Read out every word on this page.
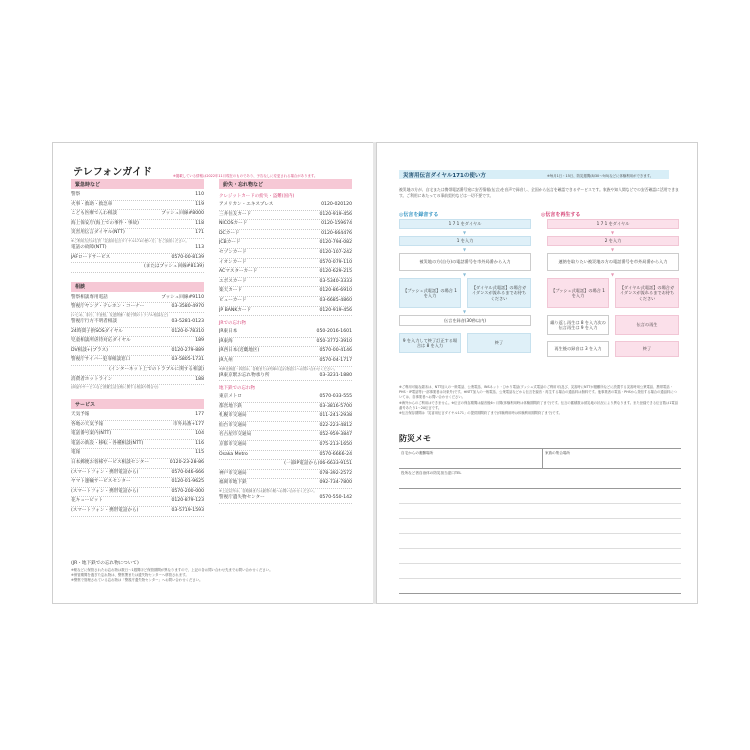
テレフォンガイド	※掲載している情報は2022年11月現在のものであり、予告なしに変更される場合があります。
緊急時など
警察	110
火事・救助・救急車	119
こども医療でんわ相談	プッシュ回線#8000
海上保安庁(海上での事件・事故)	118
災害用伝言ダイヤル(NTT)	171
※ご利用方法は右頁「災害用伝言ダイヤル171の使い方」をご参照ください。
電話の故障(NTT)	113
JAFロードサービス	0570-00-8139
(またはプッシュ回線#8139)
相談
警察相談専用電話	プッシュ回線#9110
警視庁ヤング・テレホン・コーナー	03-3580-4970
(いじめ、非行、不登校、友達関係・親子間のトラブル相談など)
警視庁行方不明者相談	03-5281-0123
24時間子供SOSダイヤル	0120-0-78310
児童相談所虐待対応ダイヤル	189
DV相談+(プラス)	0120-279-889
警視庁サイバー犯罪相談窓口	03-5805-1731
(インターネット上でのトラブルに関する相談)
消費者ホットライン	188
(商品やサービスなど消費生活全般に関する相談や問合せ)
サービス
天気予報	177
各地の天気予報	市外局番+177
電話番号案内(NTT)	104
電話の新設・移転・各種相談(NTT)	116
電報	115
日本郵便お客様サービス相談センター	0120-23-28-86
(スマートフォン・携帯電話から)	0570-046-666
ヤマト運輸サービスセンター	0120-01-9625
(スマートフォン・携帯電話から)	0570-200-000
花キューピット	0120-879-123
(スマートフォン・携帯電話から)	03-5719-1593
紛失・忘れ物など
クレジットカードの紛失・盗難(国内)
アメリカン・エキスプレス	0120-020120
三井住友カード	0120-919-456
NICOSカード	0120-159674
DCカード	0120-664476
JCBカード	0120-794-082
セゾンカード	0120-107-242
イオンカード	0570-079-110
ACマスターカード	0120-629-215
エポスカード	03-5340-3333
楽天カード	0120-86-6910
ビューカード	03-6685-4860
JP BANKカード	0120-919-456
JRでの忘れ物
JR東日本	050-2016-1601
JR東海	050-3772-3910
JR西日本(近畿地区)	0570-00-4146
JR九州	0570-04-1717
※JR北海道・四国は、各駅または列車の忘れ物窓口へお問い合わせください。
JR東京駅お忘れ物承り所	03-3231-1880
地下鉄での忘れ物
東京メトロ	0570-033-555
都営地下鉄	03-3816-5700
札幌市交通局	011-241-2938
仙台市交通局	022-223-4812
名古屋市交通局	052-959-3847
京都市交通局	075-213-1650
Osaka Metro	0570-6666-24
(一部IP電話から)06-6633-9151
神戸市交通局	078-392-2572
福岡市地下鉄	092-734-7800
※上記以外は、各路線または最寄の駅へお問い合わせください。
警視庁遺失物センター	0570-550-142
(JR・地下鉄での忘れ物について)
※駅などに保管されたお忘れ物は数日～1週間ほど保管期間が異なりますので、上記の各お問い合わせ先までお問い合わせください。
※保管期間を過ぎた忘れ物は、警察署または遺失物センターへ移管されます。
※警察で管理されている忘れ物は「警視庁遺失物センター」へお問い合わせください。
災害用伝言ダイヤル171の使い方	※毎月1日・15日、防災週間(8/30～9/5)などに体験利用ができます。
被災地の方が、自宅または携帯電話番号宛に安否情報(伝言)を音声で録音し、全国から伝言を確認できるサービスです。家族や知人間などでの安否確認に活用できます。ご利用にあたっての事前契約などは一切不要です。
◎伝言を録音する	◎伝言を再生する
1 7 1 をダイヤル
▼
1 を入力
▼
被災地の方(自分)の電話番号を市外局番から入力
▼
【プッシュ式電話】の場合 1 を入力
【ダイヤル式電話】の場合ガイダンスが流れるまでお待ちください
▼
伝言を録音(30秒以内)
9 を入力して終了訂正する場合は 8 を入力
終了
1 7 1 をダイヤル
▼
2 を入力
▼
連絡を取りたい被災地の方の電話番号を市外局番から入力
▼
【プッシュ式電話】の場合 1 を入力
【ダイヤル式電話】の場合ガイダンスが流れるまでお待ちください
繰り返し再生は 8 を入力次の伝言再生は 9 を入力
伝言の再生
再生後の録音は 3 を入力	終了
※ご利用可能な端末は、NTT加入の一般電話、公衆電話、INSネット・ひかり電話(プッシュ式電話のご利用可)及び、災害時にNTTが避難所などに設置する災害時用公衆電話、携帯電話・PHS・IP電話等(一部事業者は対象外)です。※NTT加入の一般電話、公衆電話などから伝言を録音・再生する場合の通話料は無料です。他事業者の電話・PHSから発信する場合の通話料については、各事業者へお問い合わせください。
※海外からのご利用はできません。※伝言の保存期間は録音後6ヶ月間(体験利用時は体験期間終了まで)です。伝言の蓄積数は被災地の状況により異なります。また登録できる伝言数は1電話番号あたり1～20伝言です。
※伝言保存期間は「災害用伝言ダイヤル171」の提供期間終了まで(体験利用時は体験利用期間終了まで)です。
防災メモ
自宅からの避難場所	家族の集合場所
役所など者自治体の防災担当窓口TEL
